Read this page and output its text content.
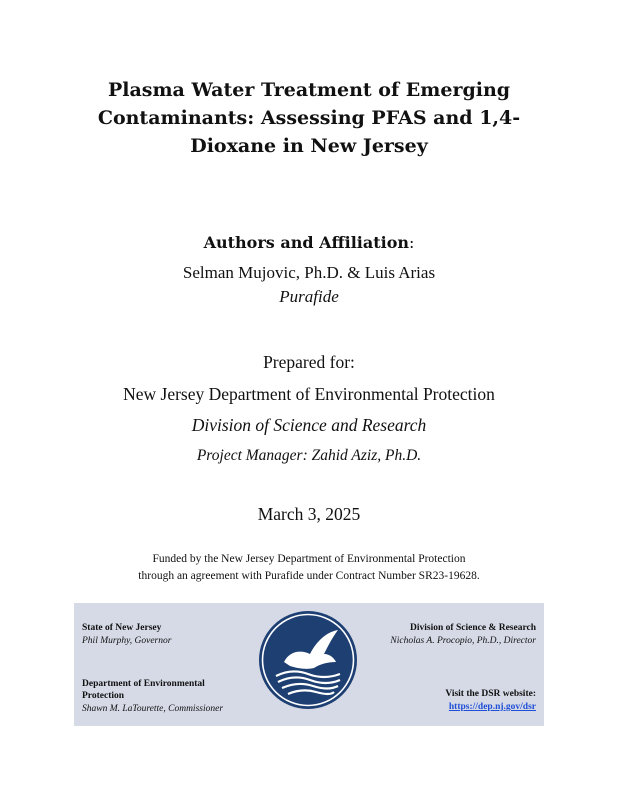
Plasma Water Treatment of Emerging
Contaminants: Assessing PFAS and 1,4-
Dioxane in New Jersey
Authors and Affiliation:
Selman Mujovic, Ph.D. & Luis Arias
Purafide
Prepared for:
New Jersey Department of Environmental Protection
Division of Science and Research
Project Manager: Zahid Aziz, Ph.D.
March 3, 2025
Funded by the New Jersey Department of Environmental Protection
through an agreement with Purafide under Contract Number SR23-19628.
State of New Jersey
Phil Murphy, Governor
Department of Environmental
Protection
Shawn M. LaTourette, Commissioner
Division of Science & Research
Nicholas A. Procopio, Ph.D., Director
Visit the DSR website:
https://dep.nj.gov/dsr
